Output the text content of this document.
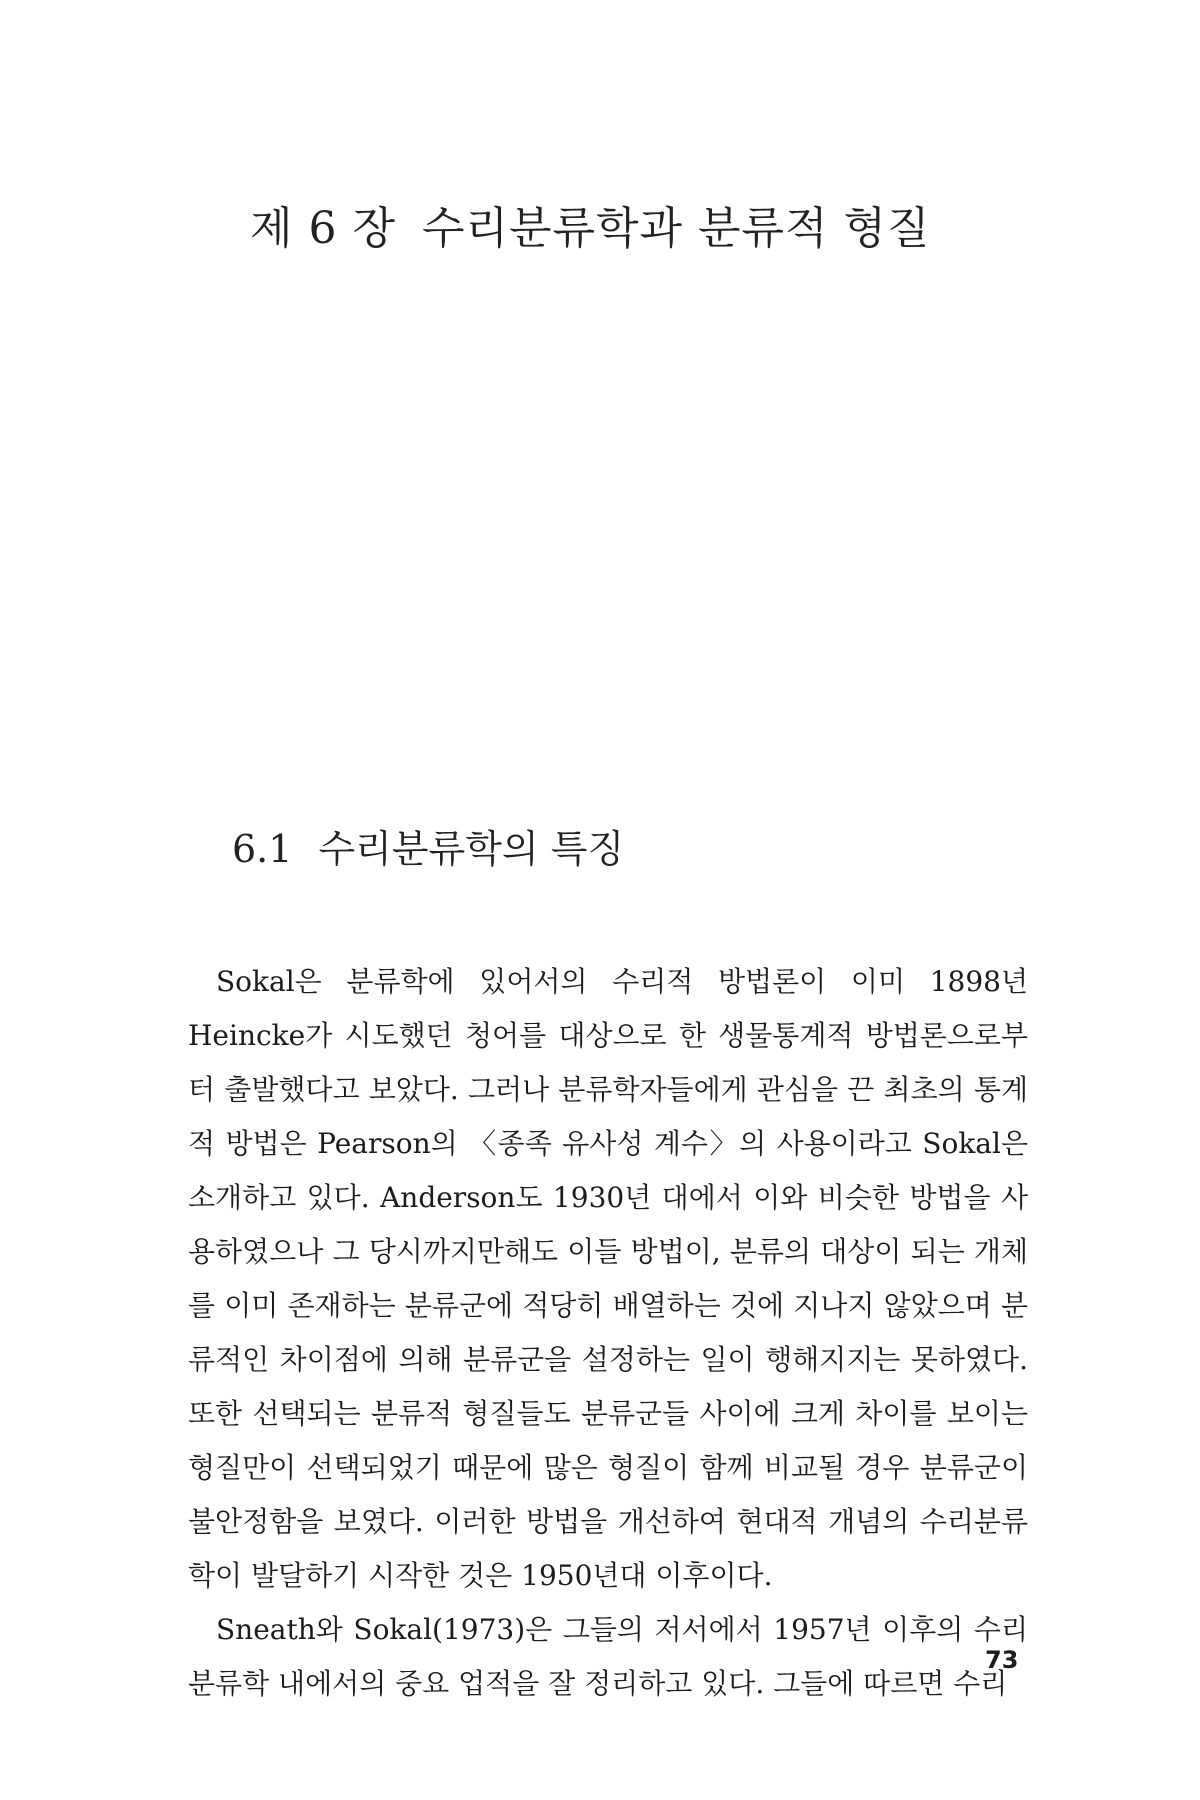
제 6 장 수리분류학과 분류적 형질
6.1 수리분류학의 특징

Sokal은 분류학에 있어서의 수리적 방법론이 이미 1898년 Heincke가 시도했던 청어를 대상으로 한 생물통계적 방법론으로부터 출발했다고 보았다. 그러나 분류학자들에게 관심을 끈 최초의 통계적 방법은 Pearson의 〈종족 유사성 계수〉의 사용이라고 Sokal은 소개하고 있다. Anderson도 1930년 대에서 이와 비슷한 방법을 사용하였으나 그 당시까지만해도 이들 방법이, 분류의 대상이 되는 개체를 이미 존재하는 분류군에 적당히 배열하는 것에 지나지 않았으며 분류적인 차이점에 의해 분류군을 설정하는 일이 행해지지는 못하였다. 또한 선택되는 분류적 형질들도 분류군들 사이에 크게 차이를 보이는 형질만이 선택되었기 때문에 많은 형질이 함께 비교될 경우 분류군이 불안정함을 보였다. 이러한 방법을 개선하여 현대적 개념의 수리분류학이 발달하기 시작한 것은 1950년대 이후이다.

Sneath와 Sokal(1973)은 그들의 저서에서 1957년 이후의 수리분류학 내에서의 중요 업적을 잘 정리하고 있다. 그들에 따르면 수리

73
